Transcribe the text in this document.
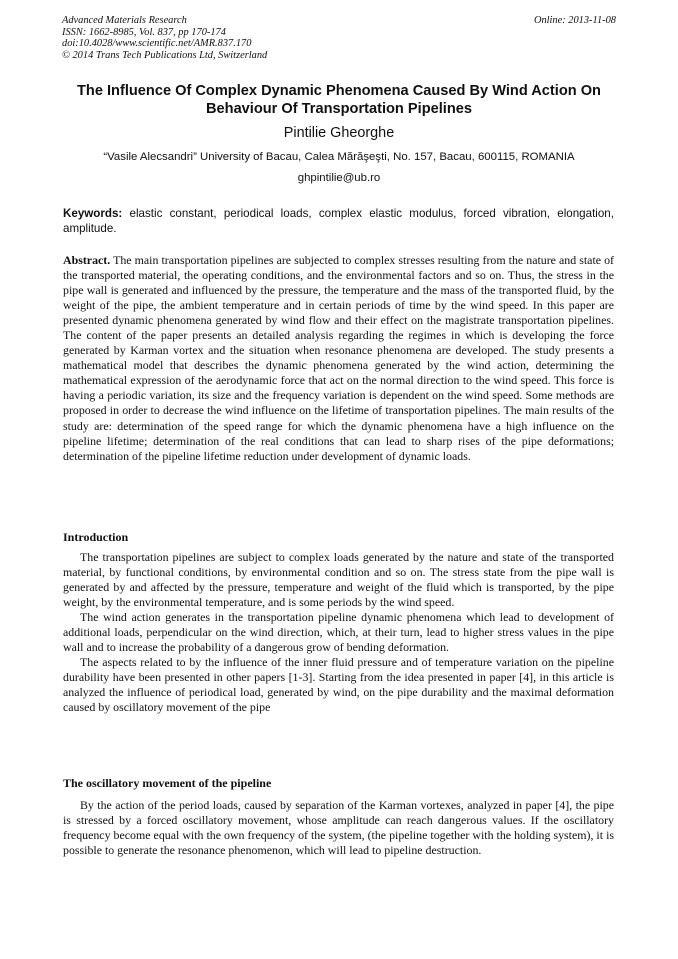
Advanced Materials Research
ISSN: 1662-8985, Vol. 837, pp 170-174
doi:10.4028/www.scientific.net/AMR.837.170
© 2014 Trans Tech Publications Ltd, Switzerland
Online: 2013-11-08
The Influence Of Complex Dynamic Phenomena Caused By Wind Action On Behaviour Of Transportation Pipelines
Pintilie Gheorghe
“Vasile Alecsandri” University of Bacau, Calea Mărăşeşti, No. 157, Bacau, 600115, ROMANIA
ghpintilie@ub.ro
Keywords: elastic constant, periodical loads, complex elastic modulus, forced vibration, elongation, amplitude.
Abstract. The main transportation pipelines are subjected to complex stresses resulting from the nature and state of the transported material, the operating conditions, and the environmental factors and so on. Thus, the stress in the pipe wall is generated and influenced by the pressure, the temperature and the mass of the transported fluid, by the weight of the pipe, the ambient temperature and in certain periods of time by the wind speed. In this paper are presented dynamic phenomena generated by wind flow and their effect on the magistrate transportation pipelines. The content of the paper presents an detailed analysis regarding the regimes in which is developing the force generated by Karman vortex and the situation when resonance phenomena are developed. The study presents a mathematical model that describes the dynamic phenomena generated by the wind action, determining the mathematical expression of the aerodynamic force that act on the normal direction to the wind speed. This force is having a periodic variation, its size and the frequency variation is dependent on the wind speed. Some methods are proposed in order to decrease the wind influence on the lifetime of transportation pipelines. The main results of the study are: determination of the speed range for which the dynamic phenomena have a high influence on the pipeline lifetime; determination of the real conditions that can lead to sharp rises of the pipe deformations; determination of the pipeline lifetime reduction under development of dynamic loads.
Introduction

The transportation pipelines are subject to complex loads generated by the nature and state of the transported material, by functional conditions, by environmental condition and so on. The stress state from the pipe wall is generated by and affected by the pressure, temperature and weight of the fluid which is transported, by the pipe weight, by the environmental temperature, and is some periods by the wind speed.

The wind action generates in the transportation pipeline dynamic phenomena which lead to development of additional loads, perpendicular on the wind direction, which, at their turn, lead to higher stress values in the pipe wall and to increase the probability of a dangerous grow of bending deformation.

The aspects related to by the influence of the inner fluid pressure and of temperature variation on the pipeline durability have been presented in other papers [1-3]. Starting from the idea presented in paper [4], in this article is analyzed the influence of periodical load, generated by wind, on the pipe durability and the maximal deformation caused by oscillatory movement of the pipe

The oscillatory movement of the pipeline

By the action of the period loads, caused by separation of the Karman vortexes, analyzed in paper [4], the pipe is stressed by a forced oscillatory movement, whose amplitude can reach dangerous values. If the oscillatory frequency become equal with the own frequency of the system, (the pipeline together with the holding system), it is possible to generate the resonance phenomenon, which will lead to pipeline destruction.
